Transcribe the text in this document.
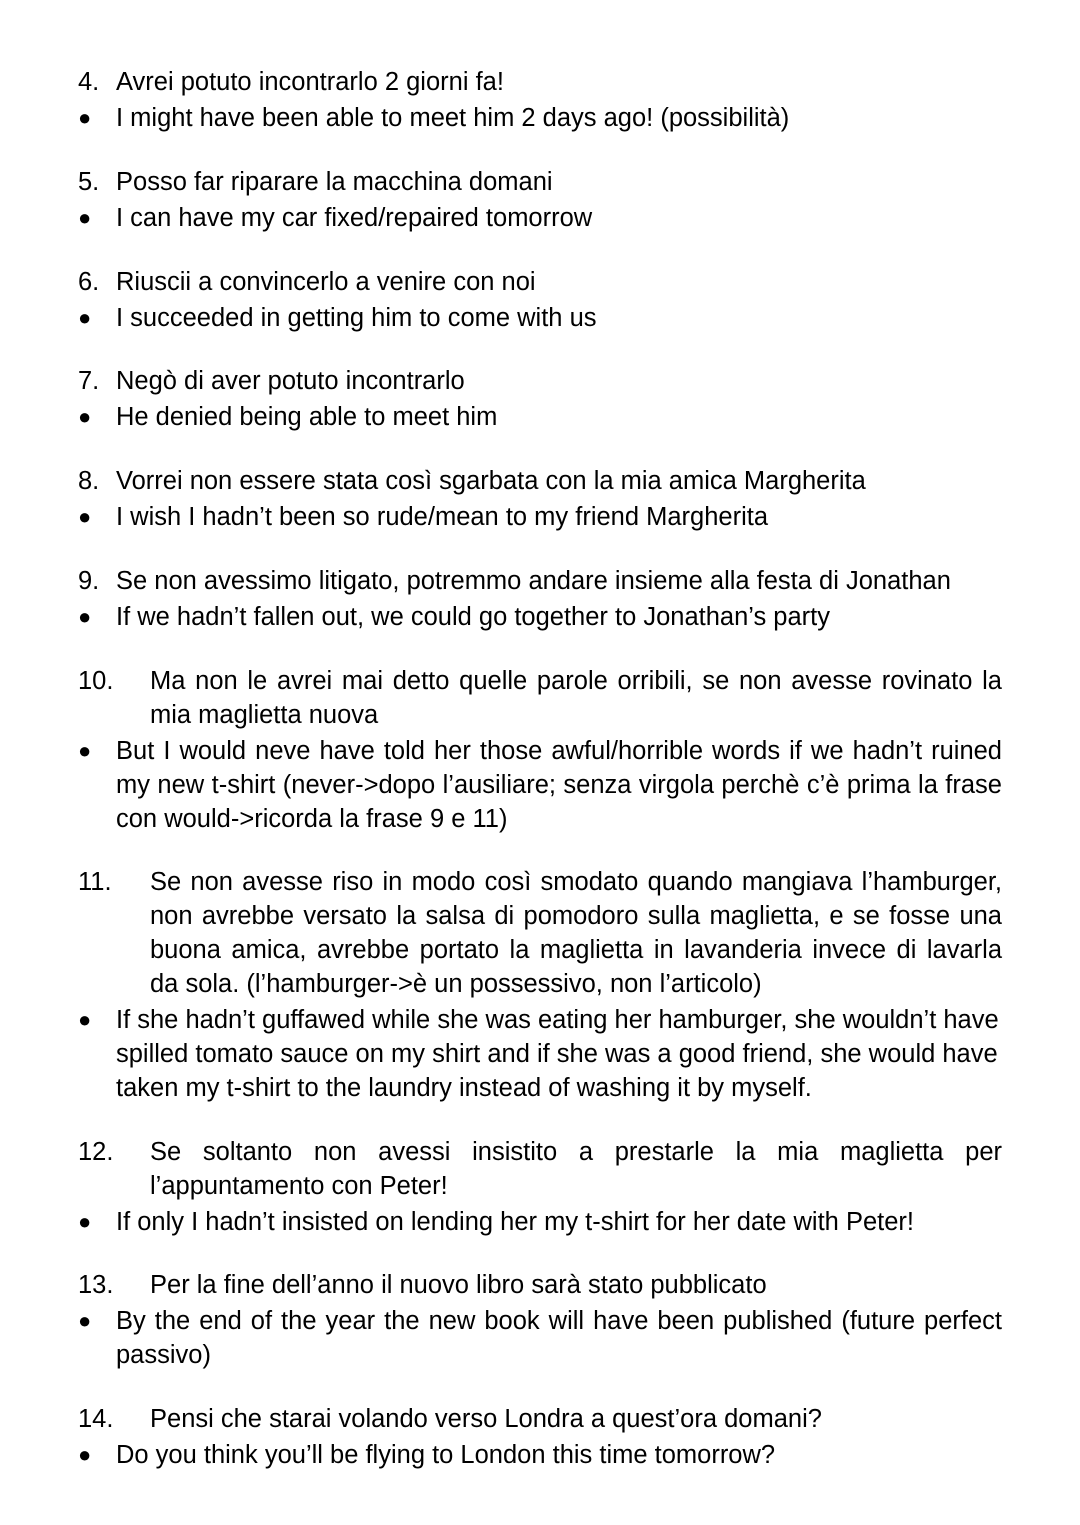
4. Avrei potuto incontrarlo 2 giorni fa!
● I might have been able to meet him 2 days ago! (possibilità)
5. Posso far riparare la macchina domani
● I can have my car fixed/repaired tomorrow
6. Riuscii a convincerlo a venire con noi
● I succeeded in getting him to come with us
7. Negò di aver potuto incontrarlo
● He denied being able to meet him
8. Vorrei non essere stata così sgarbata con la mia amica Margherita
● I wish I hadn’t been so rude/mean to my friend Margherita
9. Se non avessimo litigato, potremmo andare insieme alla festa di Jonathan
● If we hadn’t fallen out, we could go together to Jonathan’s party
10.	Ma non le avrei mai detto quelle parole orribili, se non avesse rovinato la mia maglietta nuova
● But I would neve have told her those awful/horrible words if we hadn’t ruined my new t-shirt (never->dopo l’ausiliare; senza virgola perchè c’è prima la frase con would->ricorda la frase 9 e 11)
11.	Se non avesse riso in modo così smodato quando mangiava l’hamburger, non avrebbe versato la salsa di pomodoro sulla maglietta, e se fosse una buona amica, avrebbe portato la maglietta in lavanderia invece di lavarla da sola. (l’hamburger->è un possessivo, non l’articolo)
● If she hadn’t guffawed while she was eating her hamburger, she wouldn’t have spilled tomato sauce on my shirt and if she was a good friend, she would have taken my t-shirt to the laundry instead of washing it by myself.
12.	Se soltanto non avessi insistito a prestarle la mia maglietta per l’appuntamento con Peter!
● If only I hadn’t insisted on lending her my t-shirt for her date with Peter!
13.	Per la fine dell’anno il nuovo libro sarà stato pubblicato
● By the end of the year the new book will have been published (future perfect passivo)
14.	Pensi che starai volando verso Londra a quest’ora domani?
● Do you think you’ll be flying to London this time tomorrow?
